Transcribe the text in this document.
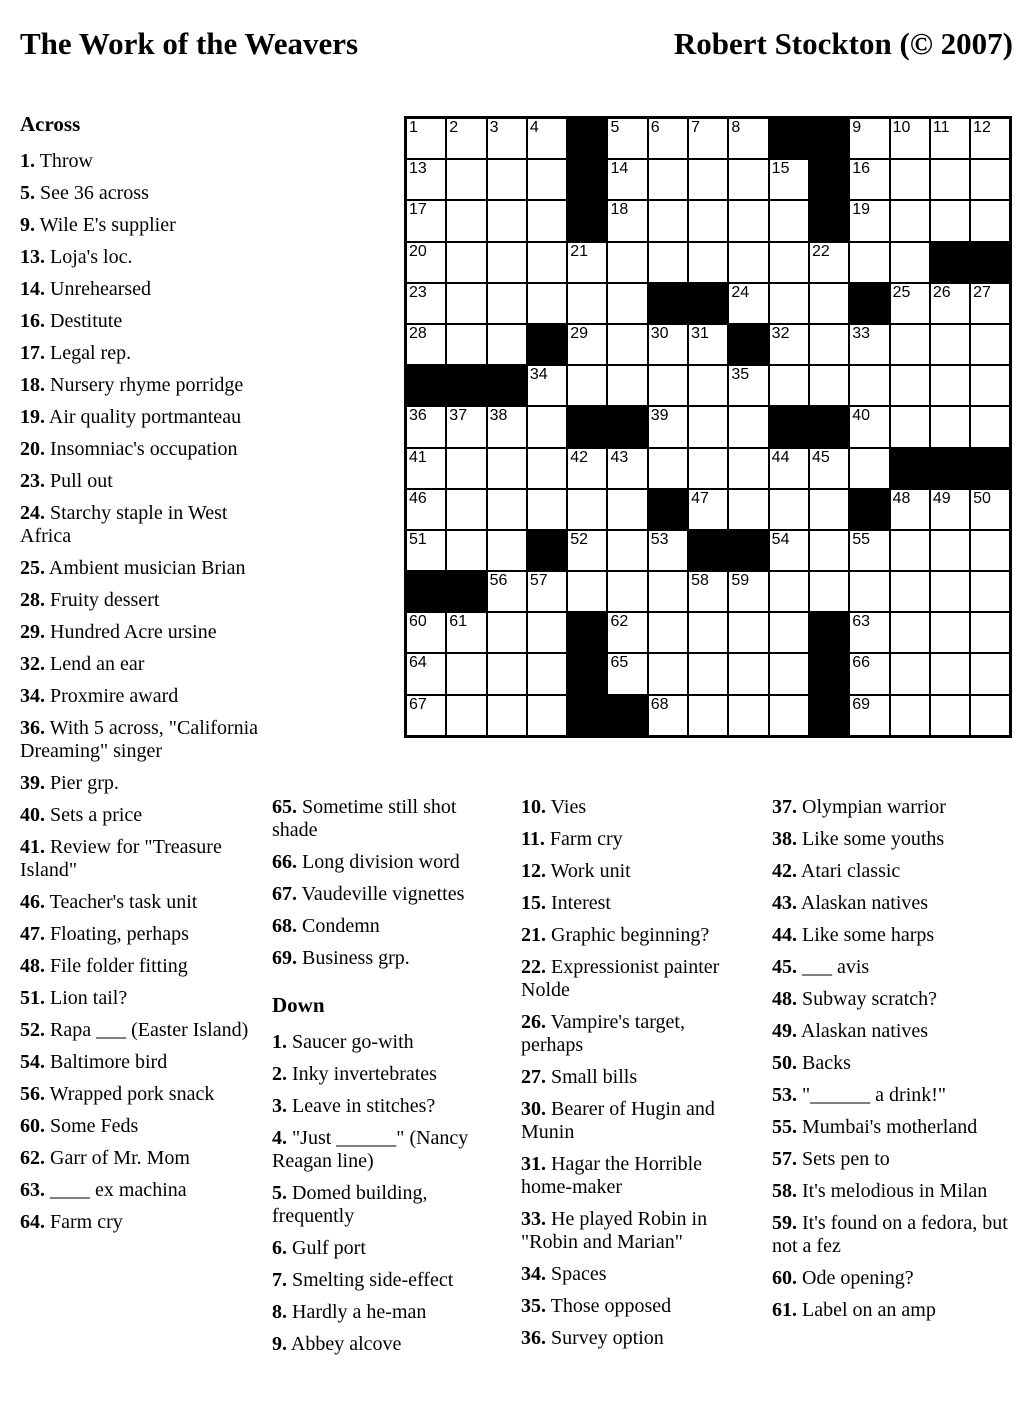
The Work of the Weavers	Robert Stockton (© 2007)
1 2 3 4	5 6 7 8	9 10 11 12
13	14	15	16
17	18	19
20	21	22
23	24	25 26 27
28	29	30 31	32	33
34	35
36 37 38	39	40
41	42 43	44 45
46	47	48 49 50
51	52	53	54	55
56 57	58 59
60 61	62	63
64	65	66
67	68	69
Across
1. Throw
5. See 36 across
9. Wile E's supplier
13. Loja's loc.
14. Unrehearsed
16. Destitute
17. Legal rep.
18. Nursery rhyme porridge
19. Air quality portmanteau
20. Insomniac's occupation
23. Pull out
24. Starchy staple in West Africa
25. Ambient musician Brian
28. Fruity dessert
29. Hundred Acre ursine
32. Lend an ear
34. Proxmire award
36. With 5 across, "California Dreaming" singer
39. Pier grp.
40. Sets a price
41. Review for "Treasure Island"
46. Teacher's task unit
47. Floating, perhaps
48. File folder fitting
51. Lion tail?
52. Rapa ___ (Easter Island)
54. Baltimore bird
56. Wrapped pork snack
60. Some Feds
62. Garr of Mr. Mom
63. ____ ex machina
64. Farm cry
65. Sometime still shot shade
66. Long division word
67. Vaudeville vignettes
68. Condemn
69. Business grp.
Down
1. Saucer go-with
2. Inky invertebrates
3. Leave in stitches?
4. "Just ______" (Nancy Reagan line)
5. Domed building, frequently
6. Gulf port
7. Smelting side-effect
8. Hardly a he-man
9. Abbey alcove
10. Vies
11. Farm cry
12. Work unit
15. Interest
21. Graphic beginning?
22. Expressionist painter Nolde
26. Vampire's target, perhaps
27. Small bills
30. Bearer of Hugin and Munin
31. Hagar the Horrible home-maker
33. He played Robin in "Robin and Marian"
34. Spaces
35. Those opposed
36. Survey option
37. Olympian warrior
38. Like some youths
42. Atari classic
43. Alaskan natives
44. Like some harps
45. ___ avis
48. Subway scratch?
49. Alaskan natives
50. Backs
53. "______ a drink!"
55. Mumbai's motherland
57. Sets pen to
58. It's melodious in Milan
59. It's found on a fedora, but not a fez
60. Ode opening?
61. Label on an amp
